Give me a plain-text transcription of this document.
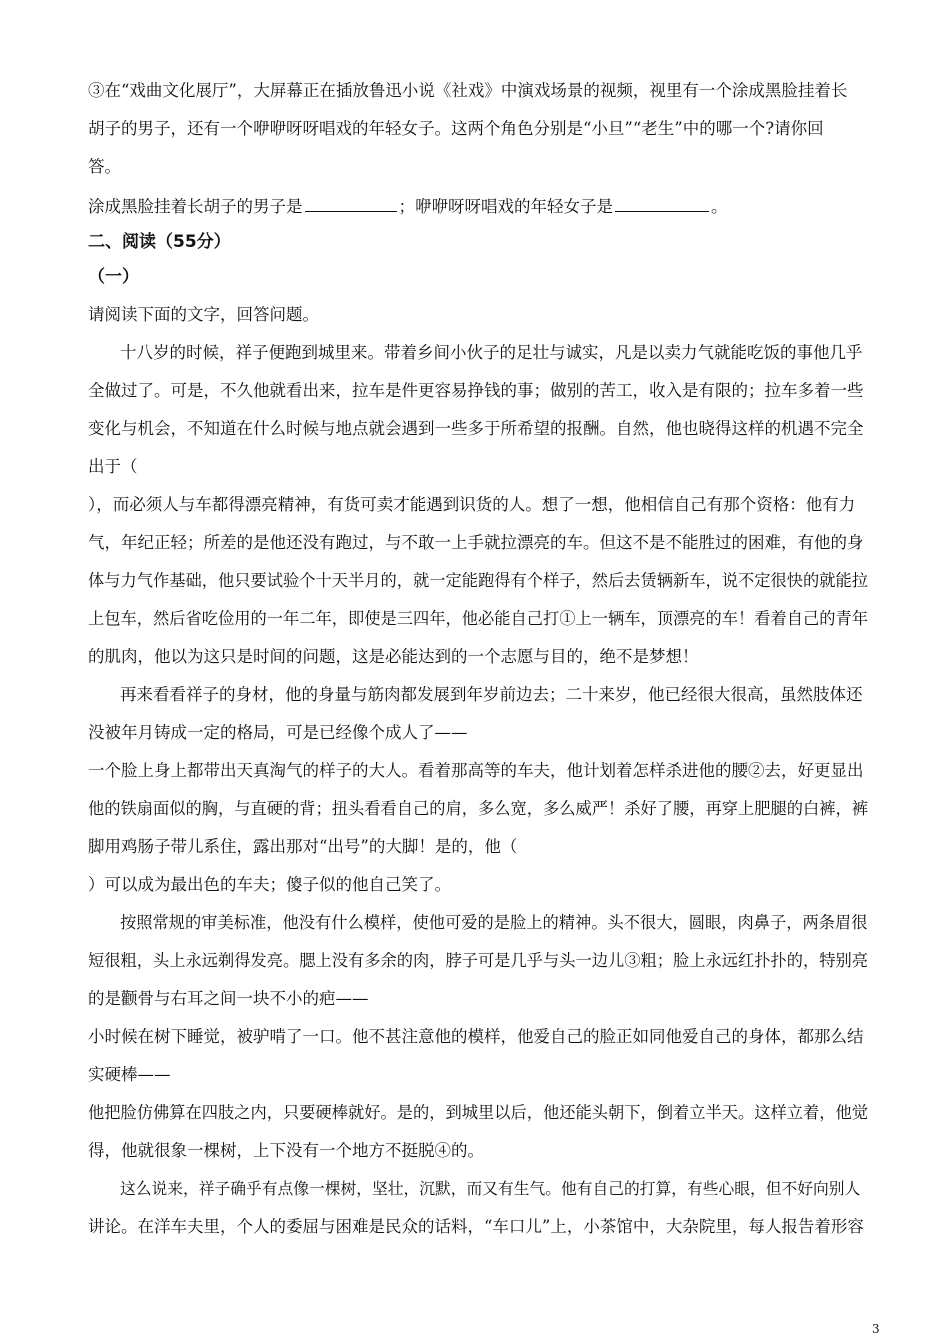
③在“戏曲文化展厅”，大屏幕正在插放鲁迅小说《社戏》中演戏场景的视频，视里有一个涂成黑脸挂着长
胡子的男子，还有一个咿咿呀呀唱戏的年轻女子。这两个角色分别是“小旦”“老生”中的哪一个?请你回
答。
涂成黑脸挂着长胡子的男子是	；咿咿呀呀唱戏的年轻女子是	。
二、阅读（55分）
（一）
请阅读下面的文字，回答问题。
十八岁的时候，祥子便跑到城里来。带着乡间小伙子的足壮与诚实，凡是以卖力气就能吃饭的事他几乎
全做过了。可是，不久他就看出来，拉车是件更容易挣钱的事；做别的苦工，收入是有限的；拉车多着一些
变化与机会，不知道在什么时候与地点就会遇到一些多于所希望的报酬。自然，他也晓得这样的机遇不完全
出于（
），而必须人与车都得漂亮精神，有货可卖才能遇到识货的人。想了一想，他相信自己有那个资格：他有力
气，年纪正轻；所差的是他还没有跑过，与不敢一上手就拉漂亮的车。但这不是不能胜过的困难，有他的身
体与力气作基础，他只要试验个十天半月的，就一定能跑得有个样子，然后去赁辆新车，说不定很快的就能拉
上包车，然后省吃俭用的一年二年，即使是三四年，他必能自己打①上一辆车，顶漂亮的车！看着自己的青年
的肌肉，他以为这只是时间的问题，这是必能达到的一个志愿与目的，绝不是梦想！
再来看看祥子的身材，他的身量与筋肉都发展到年岁前边去；二十来岁，他已经很大很高，虽然肢体还
没被年月铸成一定的格局，可是已经像个成人了——
一个脸上身上都带出天真淘气的样子的大人。看着那高等的车夫，他计划着怎样杀进他的腰②去，好更显出
他的铁扇面似的胸，与直硬的背；扭头看看自己的肩，多么宽，多么威严！杀好了腰，再穿上肥腿的白裤，裤
脚用鸡肠子带儿系住，露出那对“出号”的大脚！是的，他（
）可以成为最出色的车夫；傻子似的他自己笑了。
按照常规的审美标准，他没有什么模样，使他可爱的是脸上的精神。头不很大，圆眼，肉鼻子，两条眉很
短很粗，头上永远剃得发亮。腮上没有多余的肉，脖子可是几乎与头一边儿③粗；脸上永远红扑扑的，特别亮
的是颧骨与右耳之间一块不小的疤——
小时候在树下睡觉，被驴啃了一口。他不甚注意他的模样，他爱自己的脸正如同他爱自己的身体，都那么结
实硬棒——
他把脸仿佛算在四肢之内，只要硬棒就好。是的，到城里以后，他还能头朝下，倒着立半天。这样立着，他觉
得，他就很象一棵树，上下没有一个地方不挺脱④的。
这么说来，祥子确乎有点像一棵树，坚壮，沉默，而又有生气。他有自己的打算，有些心眼，但不好向别人
讲论。在洋车夫里，个人的委屈与困难是民众的话料，“车口儿”上，小茶馆中，大杂院里，每人报告着形容
3
